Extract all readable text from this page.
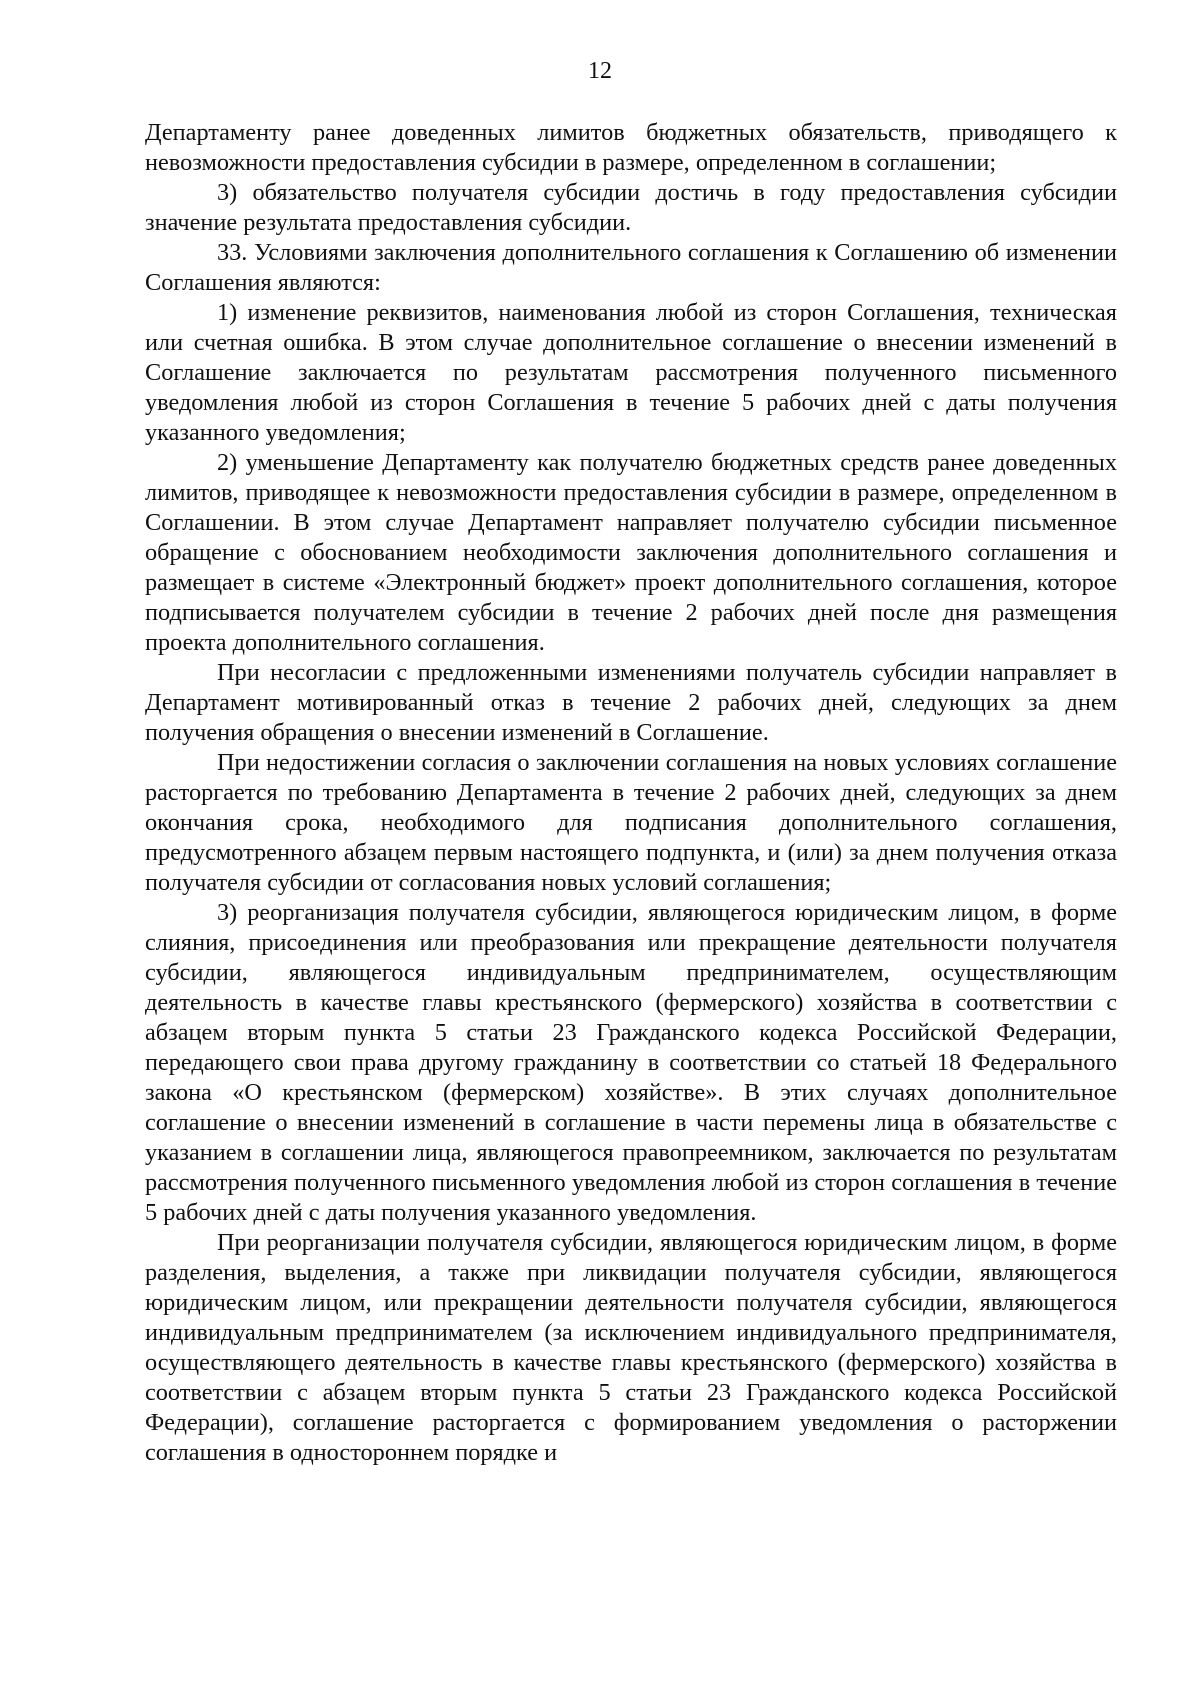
12

Департаменту ранее доведенных лимитов бюджетных обязательств, приводящего к невозможности предоставления субсидии в размере, определенном в соглашении;

3) обязательство получателя субсидии достичь в году предоставления субсидии значение результата предоставления субсидии.

33. Условиями заключения дополнительного соглашения к Соглашению об изменении Соглашения являются:

1) изменение реквизитов, наименования любой из сторон Соглашения, техническая или счетная ошибка. В этом случае дополнительное соглашение о внесении изменений в Соглашение заключается по результатам рассмотрения полученного письменного уведомления любой из сторон Соглашения в течение 5 рабочих дней с даты получения указанного уведомления;

2) уменьшение Департаменту как получателю бюджетных средств ранее доведенных лимитов, приводящее к невозможности предоставления субсидии в размере, определенном в Соглашении. В этом случае Департамент направляет получателю субсидии письменное обращение с обоснованием необходимости заключения дополнительного соглашения и размещает в системе «Электронный бюджет» проект дополнительного соглашения, которое подписывается получателем субсидии в течение 2 рабочих дней после дня размещения проекта дополнительного соглашения.

При несогласии с предложенными изменениями получатель субсидии направляет в Департамент мотивированный отказ в течение 2 рабочих дней, следующих за днем получения обращения о внесении изменений в Соглашение.

При недостижении согласия о заключении соглашения на новых условиях соглашение расторгается по требованию Департамента в течение 2 рабочих дней, следующих за днем окончания срока, необходимого для подписания дополнительного соглашения, предусмотренного абзацем первым настоящего подпункта, и (или) за днем получения отказа получателя субсидии от согласования новых условий соглашения;

3) реорганизация получателя субсидии, являющегося юридическим лицом, в форме слияния, присоединения или преобразования или прекращение деятельности получателя субсидии, являющегося индивидуальным предпринимателем, осуществляющим деятельность в качестве главы крестьянского (фермерского) хозяйства в соответствии с абзацем вторым пункта 5 статьи 23 Гражданского кодекса Российской Федерации, передающего свои права другому гражданину в соответствии со статьей 18 Федерального закона «О крестьянском (фермерском) хозяйстве». В этих случаях дополнительное соглашение о внесении изменений в соглашение в части перемены лица в обязательстве с указанием в соглашении лица, являющегося правопреемником, заключается по результатам рассмотрения полученного письменного уведомления любой из сторон соглашения в течение 5 рабочих дней с даты получения указанного уведомления.

При реорганизации получателя субсидии, являющегося юридическим лицом, в форме разделения, выделения, а также при ликвидации получателя субсидии, являющегося юридическим лицом, или прекращении деятельности получателя субсидии, являющегося индивидуальным предпринимателем (за исключением индивидуального предпринимателя, осуществляющего деятельность в качестве главы крестьянского (фермерского) хозяйства в соответствии с абзацем вторым пункта 5 статьи 23 Гражданского кодекса Российской Федерации), соглашение расторгается с формированием уведомления о расторжении соглашения в одностороннем порядке и
